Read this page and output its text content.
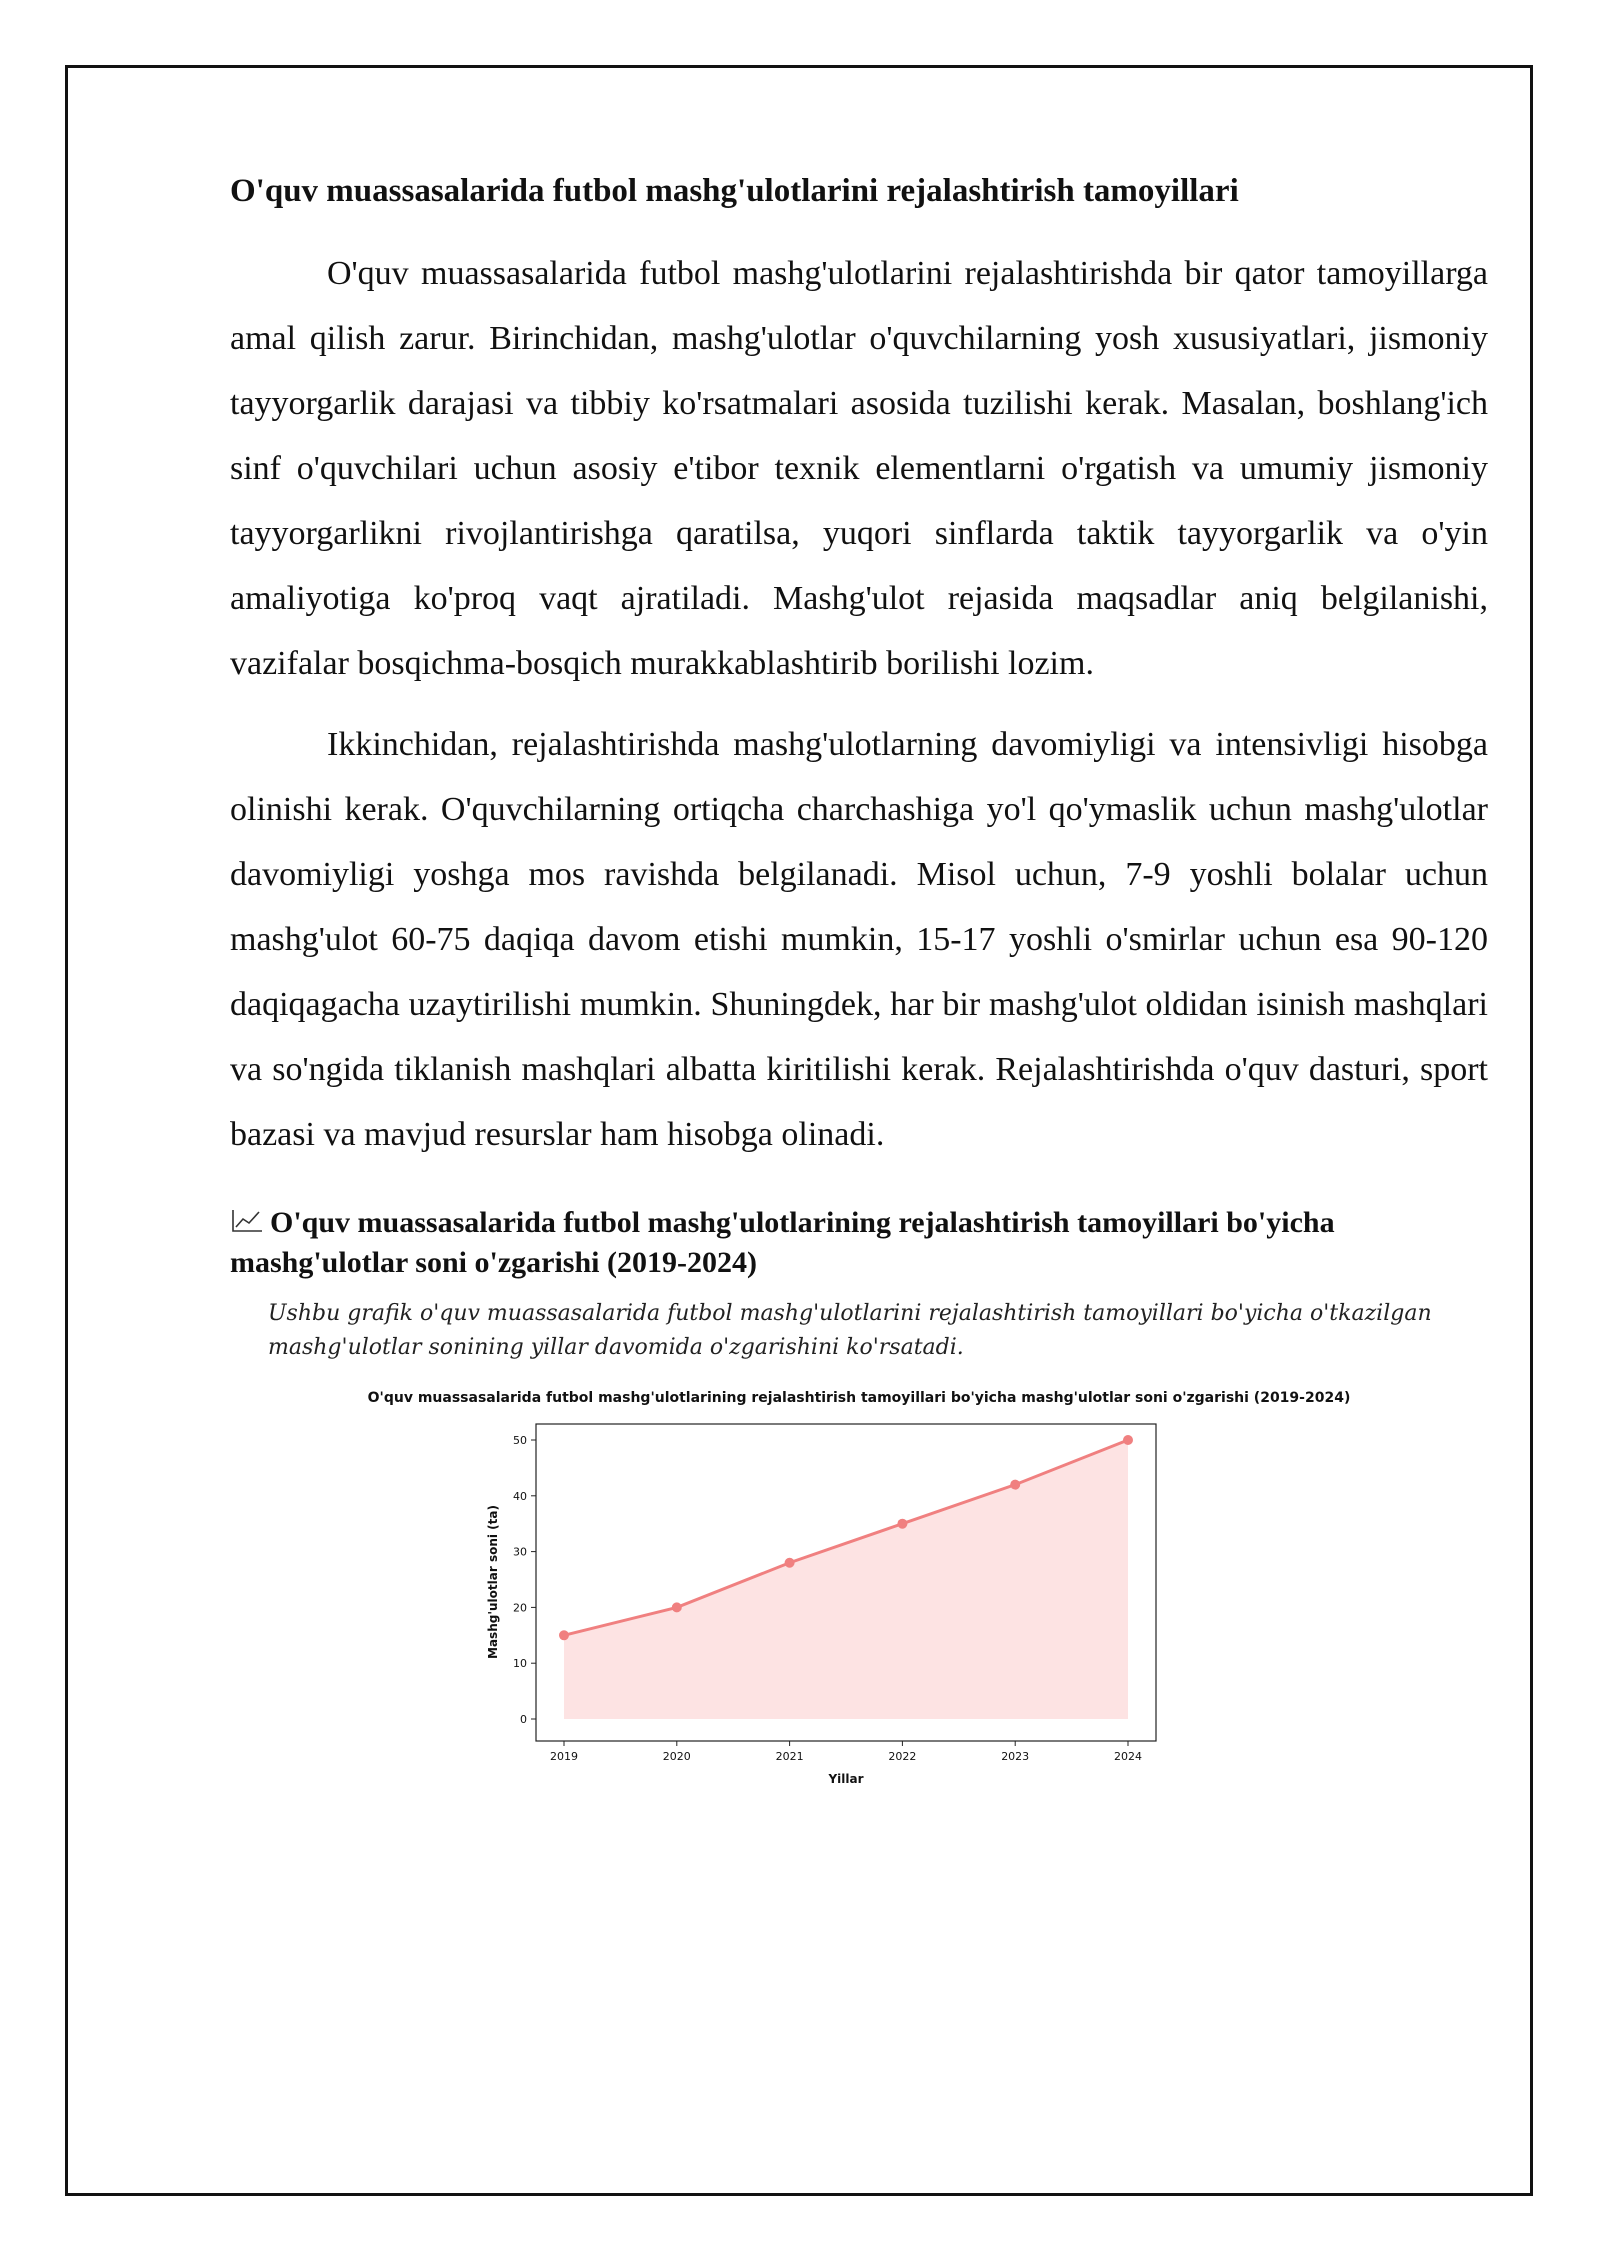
O'quv muassasalarida futbol mashg'ulotlarini rejalashtirish tamoyillari

O'quv muassasalarida futbol mashg'ulotlarini rejalashtirishda bir qator tamoyillarga amal qilish zarur. Birinchidan, mashg'ulotlar o'quvchilarning yosh xususiyatlari, jismoniy tayyorgarlik darajasi va tibbiy ko'rsatmalari asosida tuzilishi kerak. Masalan, boshlang'ich sinf o'quvchilari uchun asosiy e'tibor texnik elementlarni o'rgatish va umumiy jismoniy tayyorgarlikni rivojlantirishga qaratilsa, yuqori sinflarda taktik tayyorgarlik va o'yin amaliyotiga ko'proq vaqt ajratiladi. Mashg'ulot rejasida maqsadlar aniq belgilanishi, vazifalar bosqichma-bosqich murakkablashtirib borilishi lozim.

Ikkinchidan, rejalashtirishda mashg'ulotlarning davomiyligi va intensivligi hisobga olinishi kerak. O'quvchilarning ortiqcha charchashiga yo'l qo'ymaslik uchun mashg'ulotlar davomiyligi yoshga mos ravishda belgilanadi. Misol uchun, 7-9 yoshli bolalar uchun mashg'ulot 60-75 daqiqa davom etishi mumkin, 15-17 yoshli o'smirlar uchun esa 90-120 daqiqagacha uzaytirilishi mumkin. Shuningdek, har bir mashg'ulot oldidan isinish mashqlari va so'ngida tiklanish mashqlari albatta kiritilishi kerak. Rejalashtirishda o'quv dasturi, sport bazasi va mavjud resurslar ham hisobga olinadi.

O'quv muassasalarida futbol mashg'ulotlarining rejalashtirish tamoyillari bo'yicha mashg'ulotlar soni o'zgarishi (2019-2024)
Ushbu grafik o'quv muassasalarida futbol mashg'ulotlarini rejalashtirish tamoyillari bo'yicha o'tkazilgan mashg'ulotlar sonining yillar davomida o'zgarishini ko'rsatadi.
O'quv muassasalarida futbol mashg'ulotlarining rejalashtirish tamoyillari bo'yicha mashg'ulotlar soni o'zgarishi (2019-2024)
0
10
20
30
40
50
2019	2020	2021	2022	2023	2024
Yillar
Mashg'ulotlar soni (ta)
